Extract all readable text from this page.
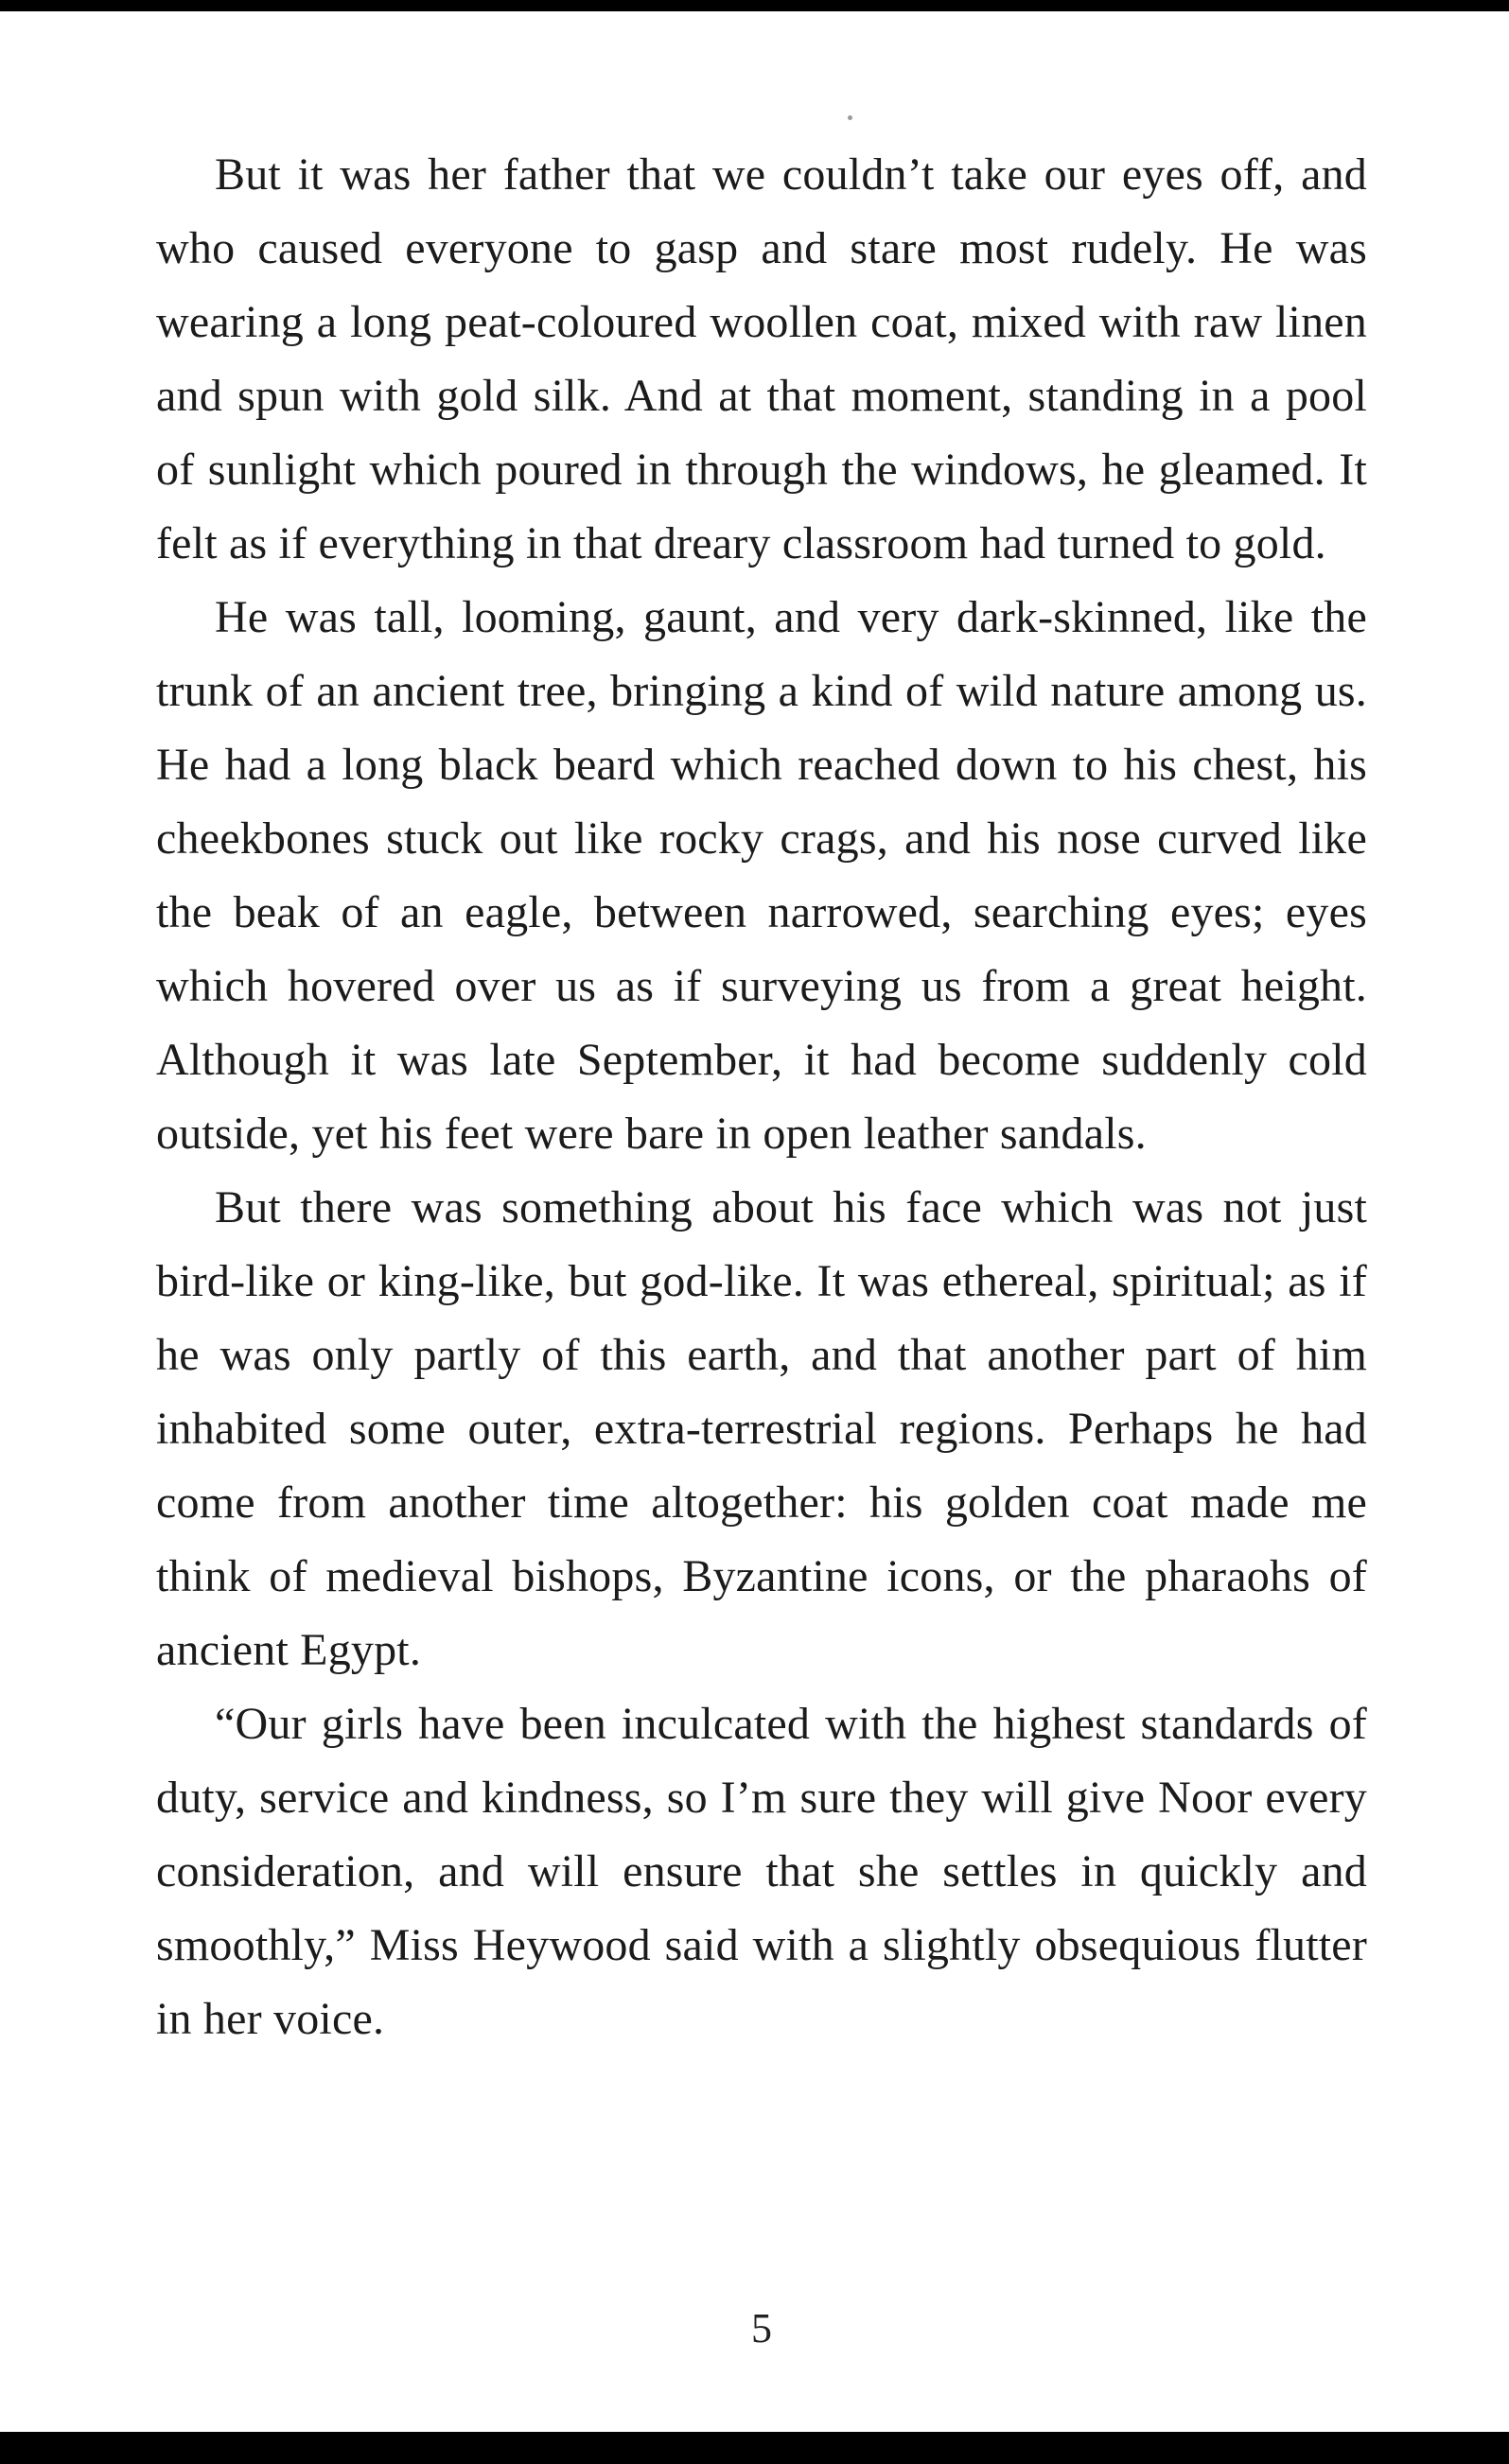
But it was her father that we couldn’t take our eyes off, and who caused everyone to gasp and stare most rudely. He was wearing a long peat-coloured woollen coat, mixed with raw linen and spun with gold silk. And at that moment, standing in a pool of sunlight which poured in through the windows, he gleamed. It felt as if everything in that dreary classroom had turned to gold.

He was tall, looming, gaunt, and very dark-skinned, like the trunk of an ancient tree, bringing a kind of wild nature among us. He had a long black beard which reached down to his chest, his cheekbones stuck out like rocky crags, and his nose curved like the beak of an eagle, between narrowed, searching eyes; eyes which hovered over us as if surveying us from a great height. Although it was late September, it had become suddenly cold outside, yet his feet were bare in open leather sandals.

But there was something about his face which was not just bird-like or king-like, but god-like. It was ethereal, spiritual; as if he was only partly of this earth, and that another part of him inhabited some outer, extra-terrestrial regions. Perhaps he had come from another time altogether: his golden coat made me think of medieval bishops, Byzantine icons, or the pharaohs of ancient Egypt.

“Our girls have been inculcated with the highest standards of duty, service and kindness, so I’m sure they will give Noor every consideration, and will ensure that she settles in quickly and smoothly,” Miss Heywood said with a slightly obsequious flutter in her voice.

5
